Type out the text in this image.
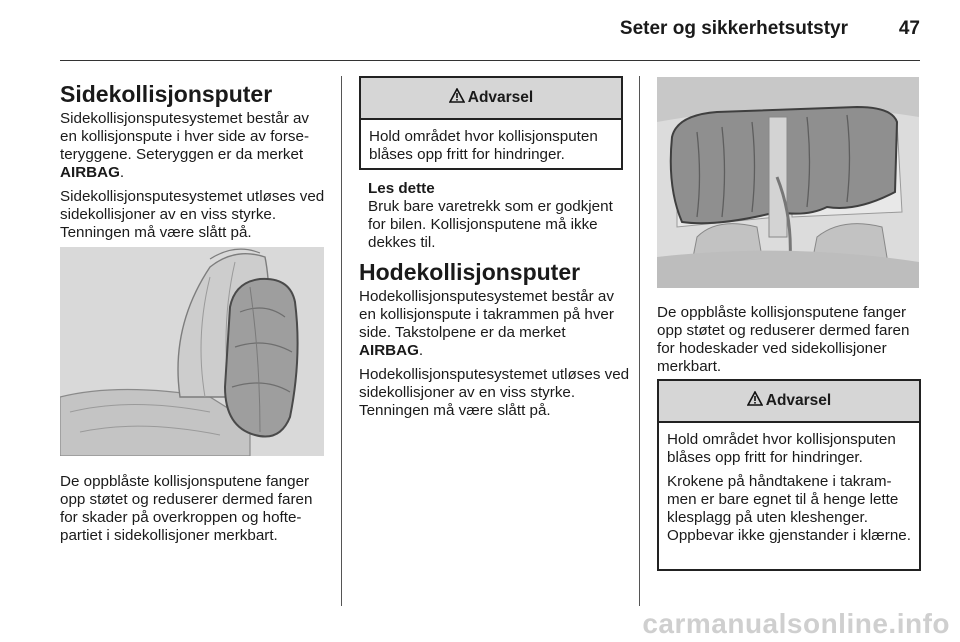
Seter og sikkerhetsutstyr	47
Sidekollisjonsputer

Sidekollisjonsputesystemet består av en kollisjonspute i hver side av forseteryggene. Seteryggen er da merket AIRBAG.

Sidekollisjonsputesystemet utløses ved sidekollisjoner av en viss styrke. Tenningen må være slått på.

De oppblåste kollisjonsputene fanger opp støtet og reduserer dermed faren for skader på overkroppen og hoftepartiet i sidekollisjoner merkbart.

Advarsel

Hold området hvor kollisjonsputen blåses opp fritt for hindringer.

Les dette

Bruk bare varetrekk som er godkjent for bilen. Kollisjonsputene må ikke dekkes til.

Hodekollisjonsputer

Hodekollisjonsputesystemet består av en kollisjonspute i takrammen på hver side. Takstolpene er da merket AIRBAG.

Hodekollisjonsputesystemet utløses ved sidekollisjoner av en viss styrke. Tenningen må være slått på.

De oppblåste kollisjonsputene fanger opp støtet og reduserer dermed faren for hodeskader ved sidekollisjoner merkbart.

Advarsel

Hold området hvor kollisjonsputen blåses opp fritt for hindringer.

Krokene på håndtakene i takrammen er bare egnet til å henge lette klesplagg på uten kleshenger. Oppbevar ikke gjenstander i klærne.

carmanualsonline.info
